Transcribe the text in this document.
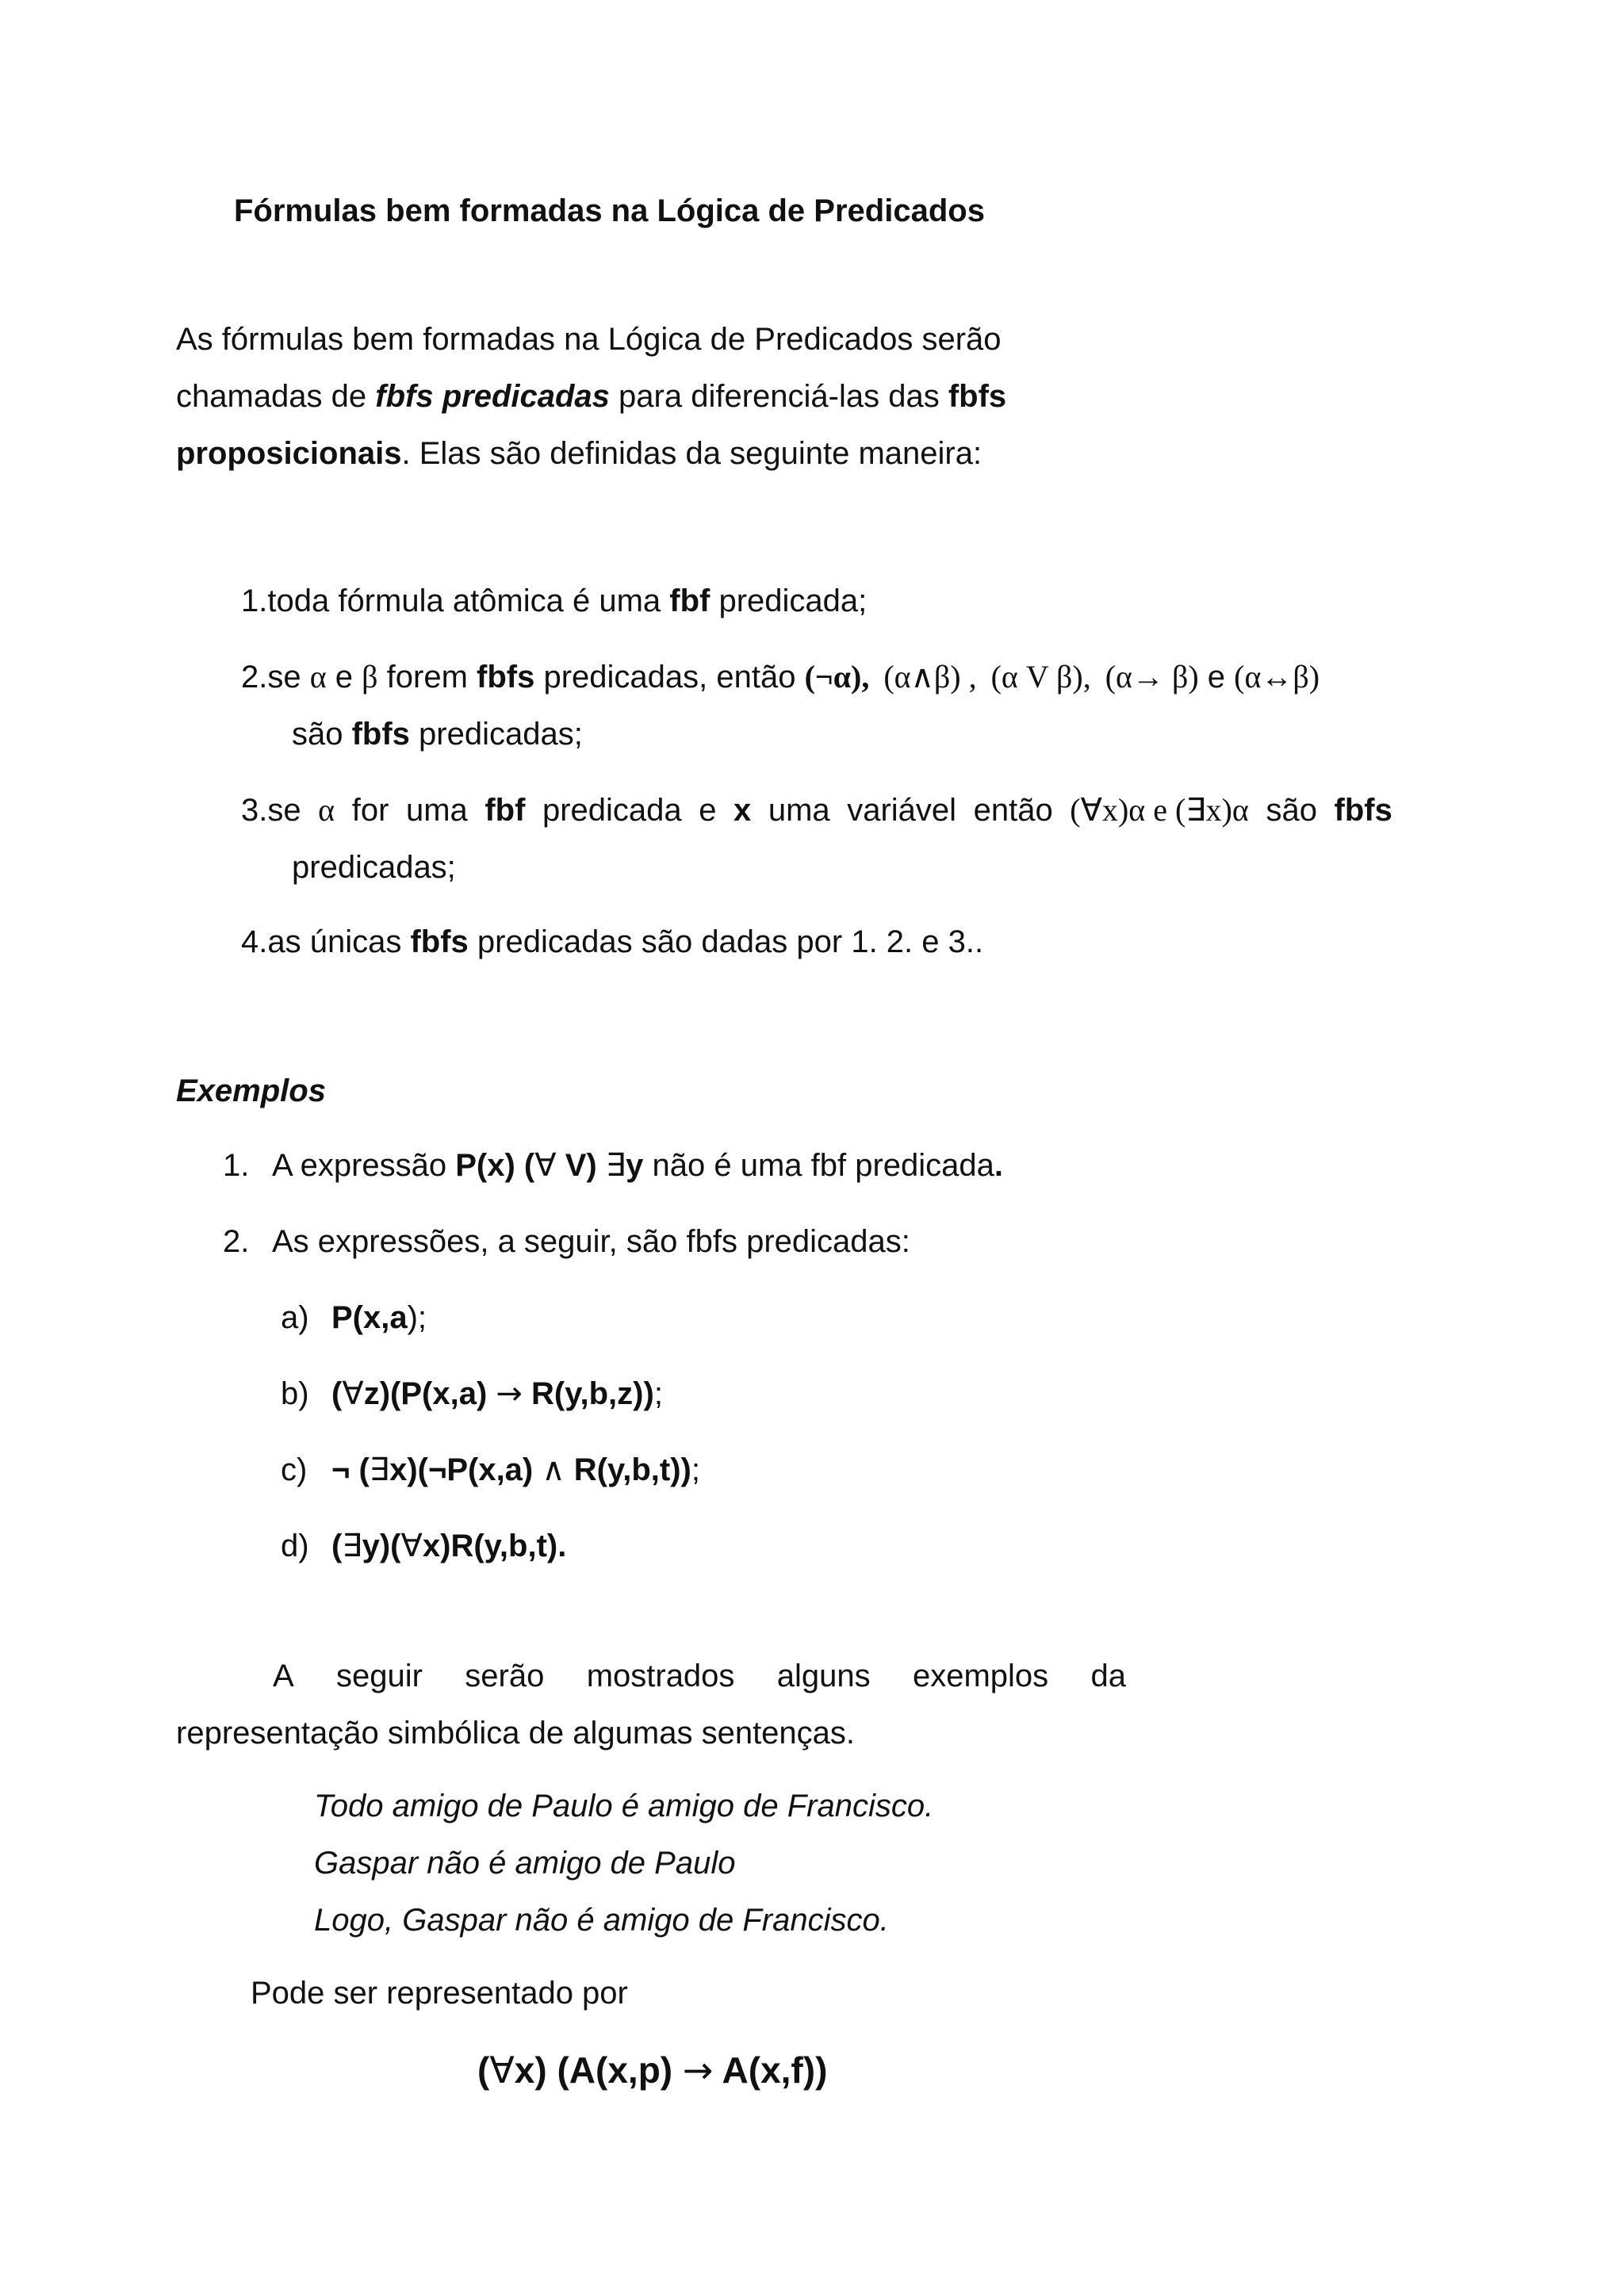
Fórmulas bem formadas na Lógica de Predicados
As fórmulas bem formadas na Lógica de Predicados serão
chamadas de fbfs predicadas para diferenciá-las das fbfs
proposicionais. Elas são definidas da seguinte maneira:
1.toda fórmula atômica é uma fbf predicada;
2.se α e β forem fbfs predicadas, então (¬α), (α∧β) , (α V β), (α→ β) e (α↔β)
são fbfs predicadas;
3.se α for uma fbf predicada e x uma variável então (∀x)α e (∃x)α são fbfs
predicadas;
4.as únicas fbfs predicadas são dadas por 1. 2. e 3..
Exemplos
1. A expressão P(x) (∀ V) ∃y não é uma fbf predicada.
2. As expressões, a seguir, são fbfs predicadas:
a) P(x,a);
b) (∀z)(P(x,a) → R(y,b,z));
c) ¬ (∃x)(¬P(x,a) ∧ R(y,b,t));
d) (∃y)(∀x)R(y,b,t).
A seguir serão mostrados alguns exemplos da
representação simbólica de algumas sentenças.
Todo amigo de Paulo é amigo de Francisco.
Gaspar não é amigo de Paulo
Logo, Gaspar não é amigo de Francisco.
Pode ser representado por
(∀x) (A(x,p) → A(x,f))
